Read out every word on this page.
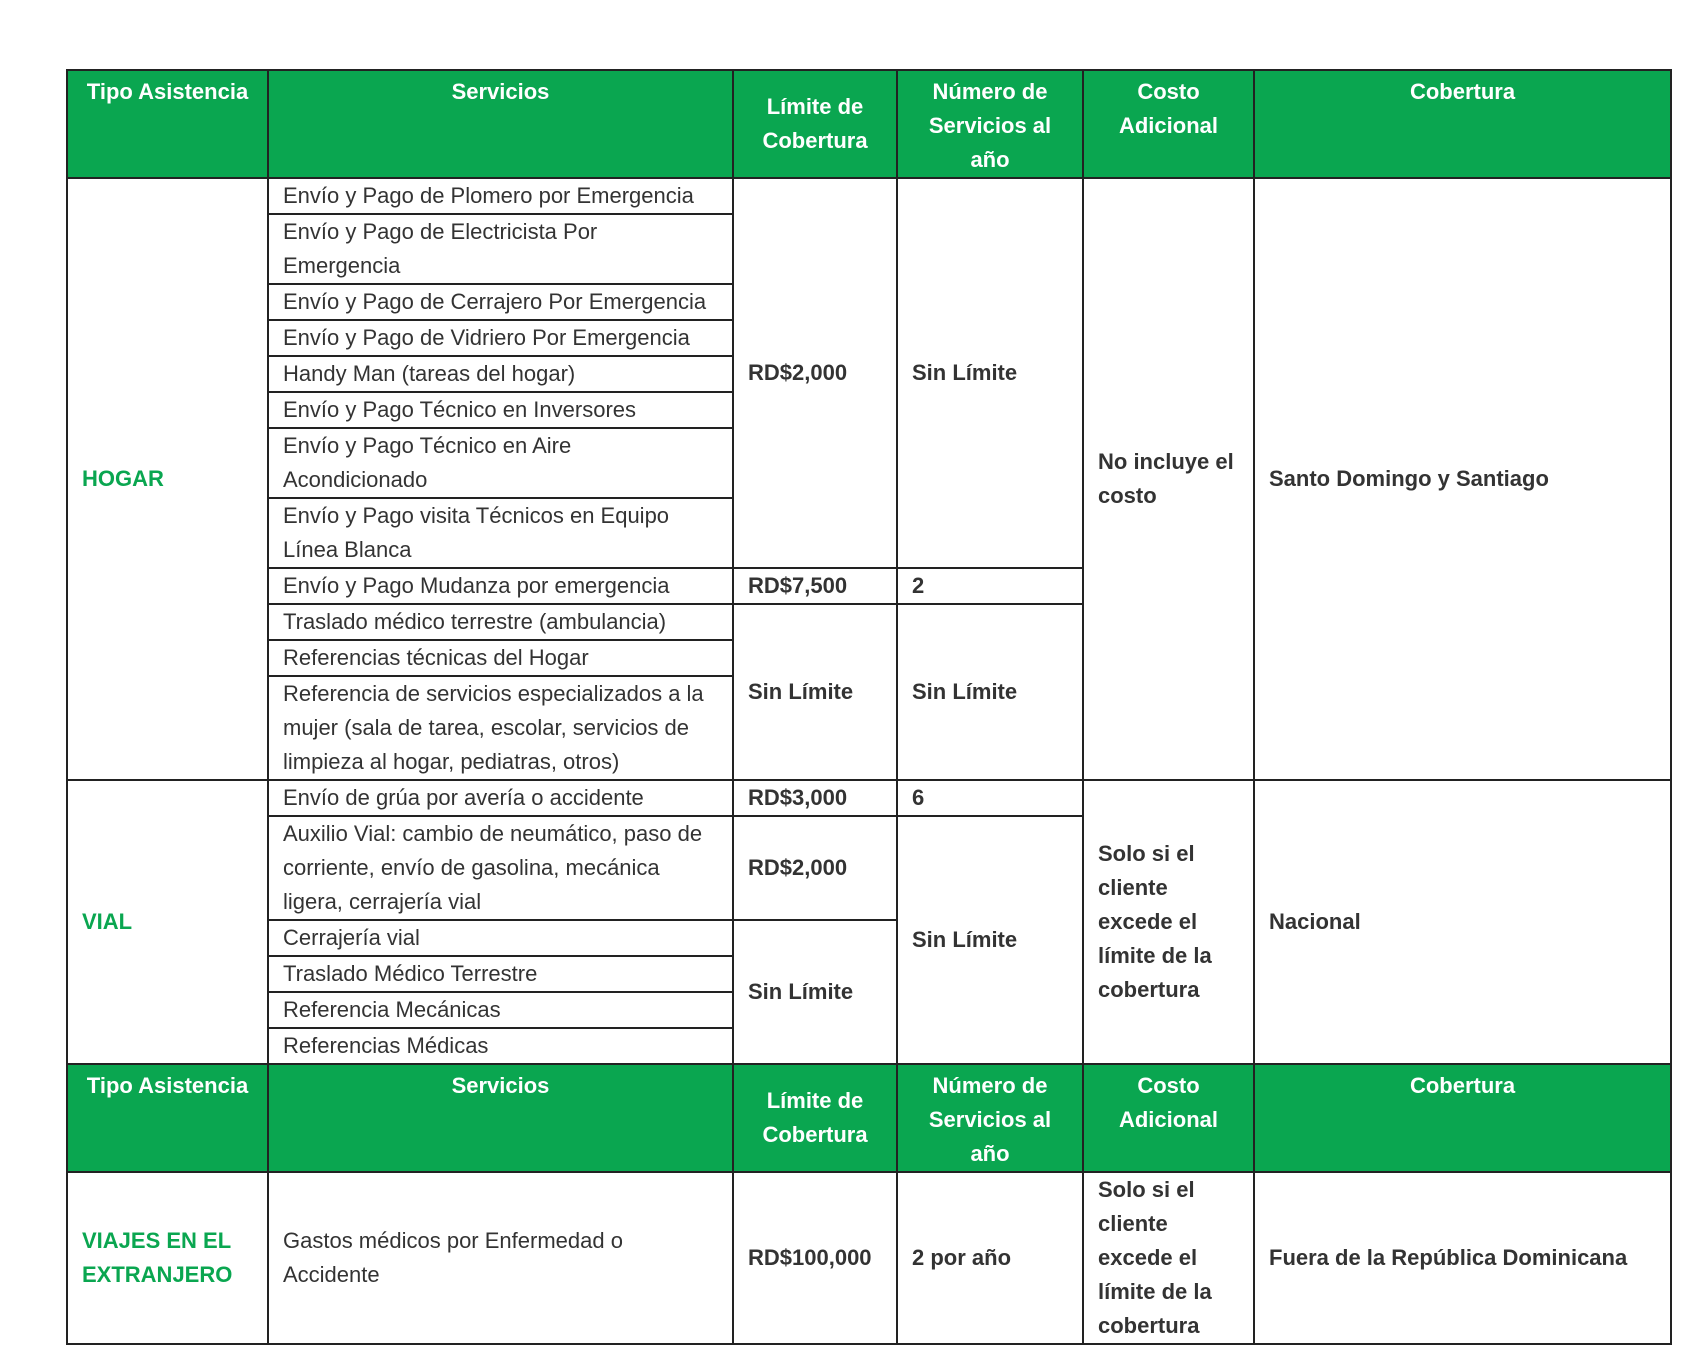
Tipo Asistencia	Servicios	Límite de Cobertura	Número de Servicios al año	Costo Adicional	Cobertura
HOGAR	Envío y Pago de Plomero por Emergencia	RD$2,000	Sin Límite	No incluye el costo	Santo Domingo y Santiago
	Envío y Pago de Electricista Por Emergencia				
	Envío y Pago de Cerrajero Por Emergencia				
	Envío y Pago de Vidriero Por Emergencia				
	Handy Man (tareas del hogar)				
	Envío y Pago Técnico en Inversores				
	Envío y Pago Técnico en Aire Acondicionado				
	Envío y Pago visita Técnicos en Equipo Línea Blanca				
	Envío y Pago Mudanza por emergencia	RD$7,500	2		
	Traslado médico terrestre (ambulancia)	Sin Límite	Sin Límite		
	Referencias técnicas del Hogar				
	Referencia de servicios especializados a la mujer (sala de tarea, escolar, servicios de limpieza al hogar, pediatras, otros)				
VIAL	Envío de grúa por avería o accidente	RD$3,000	6	Solo si el cliente excede el límite de la cobertura	Nacional
	Auxilio Vial: cambio de neumático, paso de corriente, envío de gasolina, mecánica ligera, cerrajería vial	RD$2,000	Sin Límite		
	Cerrajería vial	Sin Límite			
	Traslado Médico Terrestre				
	Referencia Mecánicas				
	Referencias Médicas				
Tipo Asistencia	Servicios	Límite de Cobertura	Número de Servicios al año	Costo Adicional	Cobertura
VIAJES EN EL EXTRANJERO	Gastos médicos por Enfermedad o Accidente	RD$100,000	2 por año	Solo si el cliente excede el límite de la cobertura	Fuera de la República Dominicana
